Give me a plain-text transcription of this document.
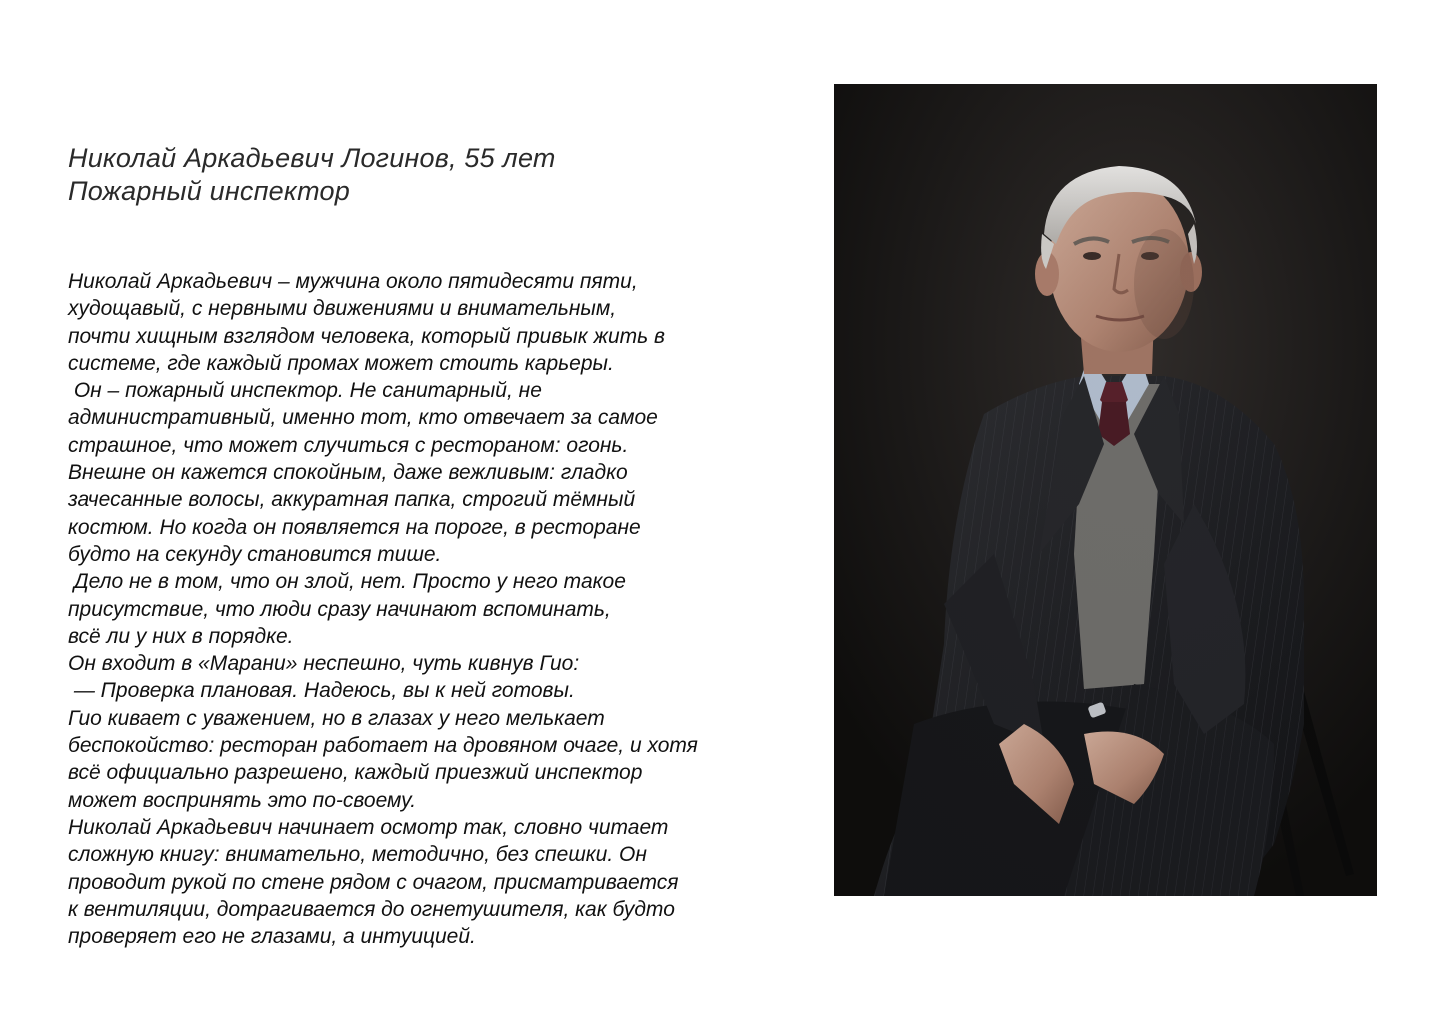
Николай Аркадьевич Логинов, 55 лет
Пожарный инспектор

Николай Аркадьевич – мужчина около пятидесяти пяти,

худощавый, с нервными движениями и внимательным,

почти хищным взглядом человека, который привык жить в

системе, где каждый промах может стоить карьеры.

Он – пожарный инспектор. Не санитарный, не

административный, именно тот, кто отвечает за самое

страшное, что может случиться с рестораном: огонь.

Внешне он кажется спокойным, даже вежливым: гладко

зачесанные волосы, аккуратная папка, строгий тёмный

костюм. Но когда он появляется на пороге, в ресторане

будто на секунду становится тише.

Дело не в том, что он злой, нет. Просто у него такое

присутствие, что люди сразу начинают вспоминать,

всё ли у них в порядке.

Он входит в «Марани» неспешно, чуть кивнув Гио:

— Проверка плановая. Надеюсь, вы к ней готовы.

Гио кивает с уважением, но в глазах у него мелькает

беспокойство: ресторан работает на дровяном очаге, и хотя

всё официально разрешено, каждый приезжий инспектор

может воспринять это по-своему.

Николай Аркадьевич начинает осмотр так, словно читает

сложную книгу: внимательно, методично, без спешки. Он

проводит рукой по стене рядом с очагом, присматривается

к вентиляции, дотрагивается до огнетушителя, как будто

проверяет его не глазами, а интуицией.
